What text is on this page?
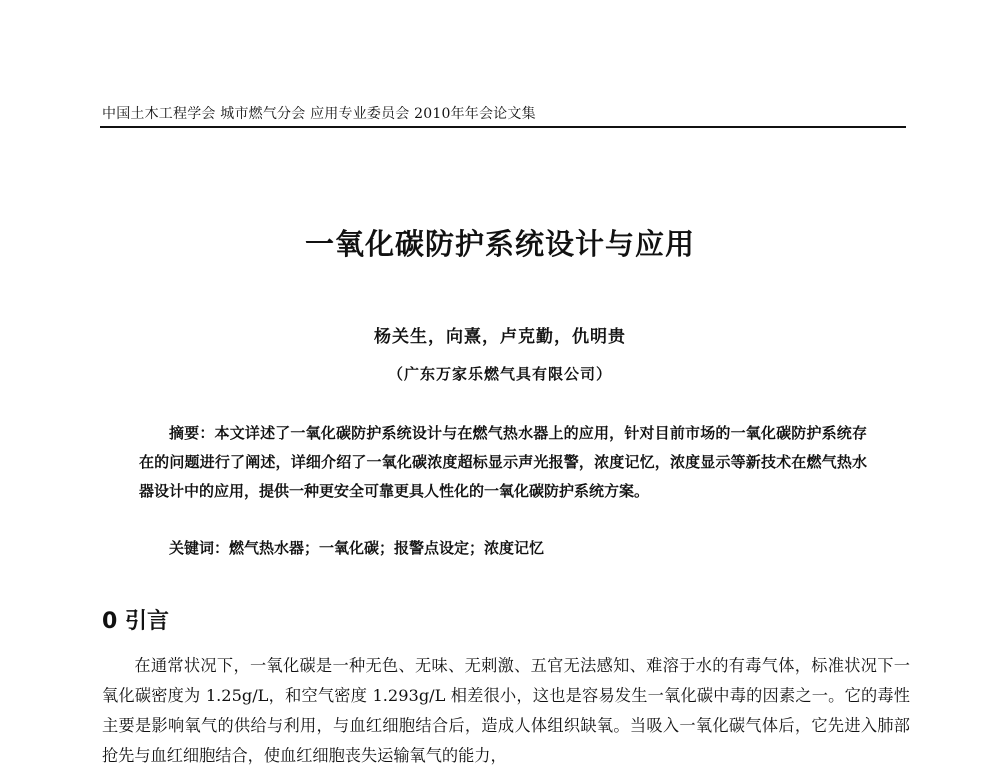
中国土木工程学会 城市燃气分会 应用专业委员会 2010年年会论文集
一氧化碳防护系统设计与应用
杨关生，向熹，卢克勤，仇明贵
（广东万家乐燃气具有限公司）
摘要：本文详述了一氧化碳防护系统设计与在燃气热水器上的应用，针对目前市场的一氧化碳防护系统存在的问题进行了阐述，详细介绍了一氧化碳浓度超标显示声光报警，浓度记忆，浓度显示等新技术在燃气热水器设计中的应用，提供一种更安全可靠更具人性化的一氧化碳防护系统方案。
关键词：燃气热水器；一氧化碳；报警点设定；浓度记忆
0 引言
在通常状况下，一氧化碳是一种无色、无味、无刺激、五官无法感知、难溶于水的有毒气体，标准状况下一氧化碳密度为 1.25g/L，和空气密度 1.293g/L 相差很小，这也是容易发生一氧化碳中毒的因素之一。它的毒性主要是影响氧气的供给与利用，与血红细胞结合后，造成人体组织缺氧。当吸入一氧化碳气体后，它先进入肺部抢先与血红细胞结合，使血红细胞丧失运输氧气的能力，
